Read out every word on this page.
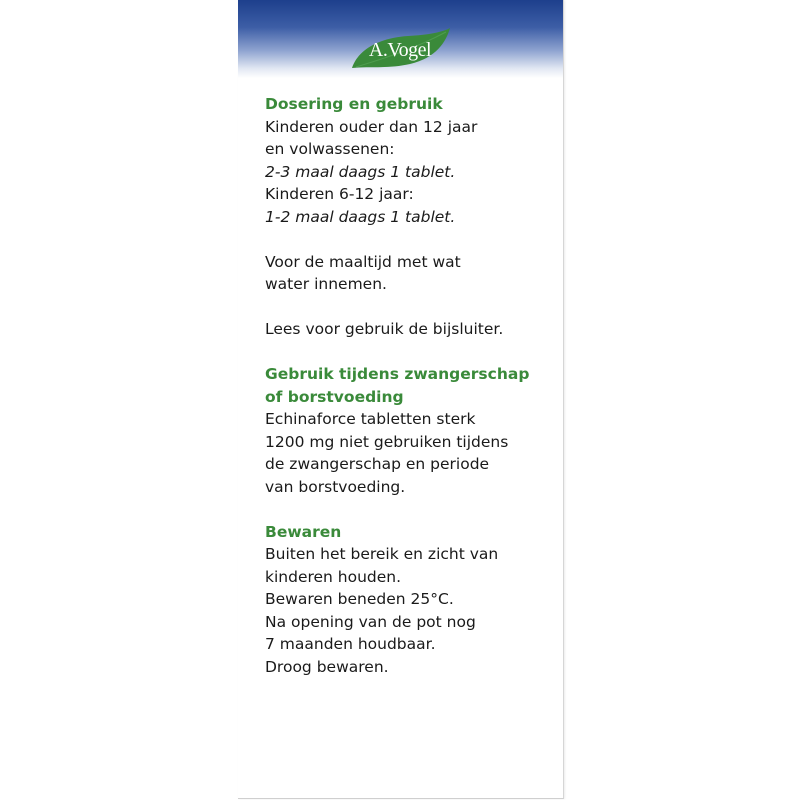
A.Vogel
Dosering en gebruik
Kinderen ouder dan 12 jaar
en volwassenen:
2-3 maal daags 1 tablet.
Kinderen 6-12 jaar:
1-2 maal daags 1 tablet.
Voor de maaltijd met wat
water innemen.
Lees voor gebruik de bijsluiter.
Gebruik tijdens zwangerschap
of borstvoeding
Echinaforce tabletten sterk
1200 mg niet gebruiken tijdens
de zwangerschap en periode
van borstvoeding.
Bewaren
Buiten het bereik en zicht van
kinderen houden.
Bewaren beneden 25°C.
Na opening van de pot nog
7 maanden houdbaar.
Droog bewaren.
